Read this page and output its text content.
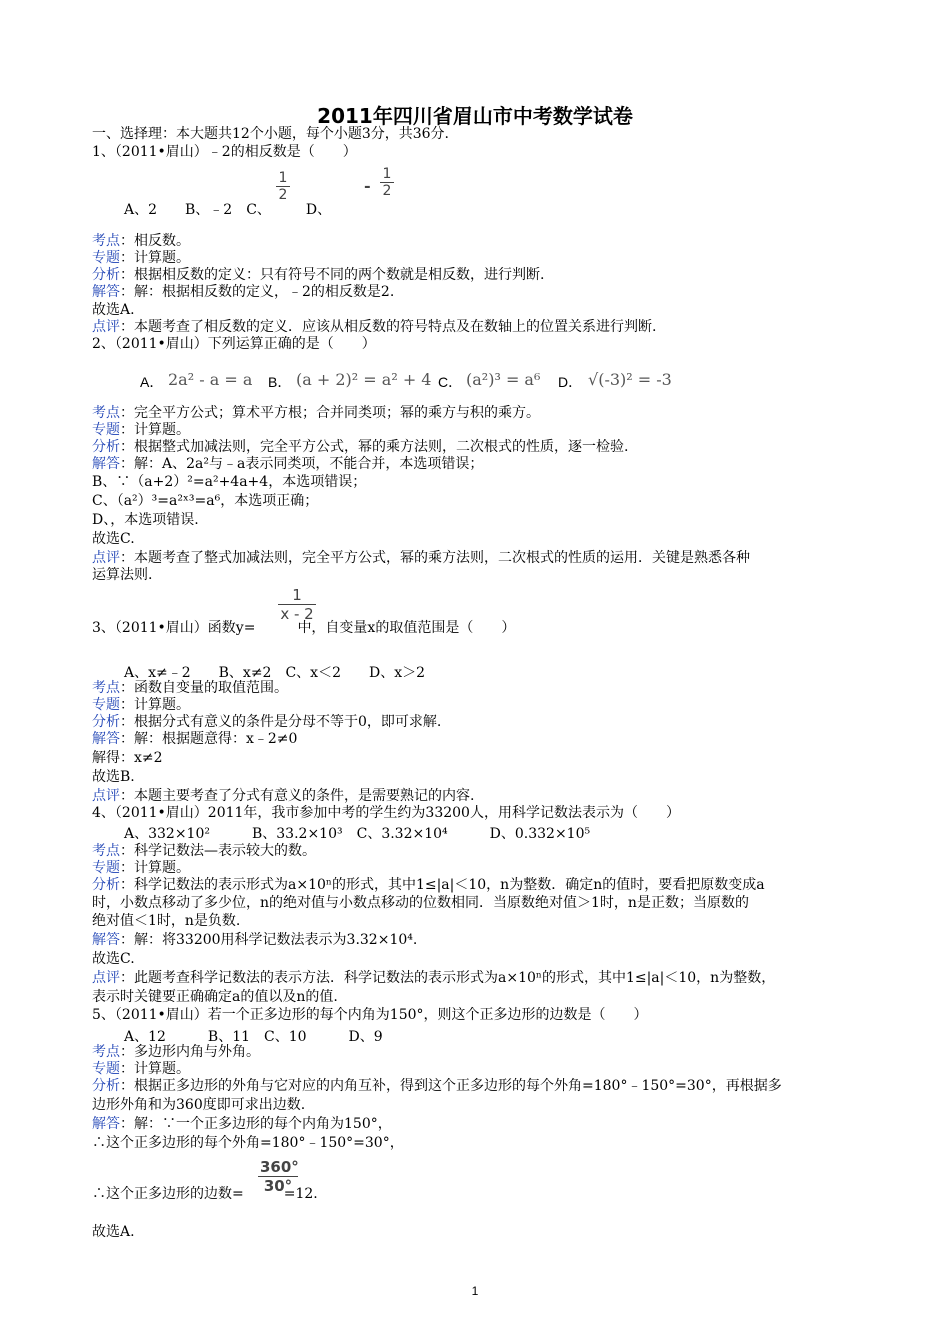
2011年四川省眉山市中考数学试卷
一、选择理：本大题共12个小题，每个小题3分，共36分.
1、（2011•眉山）﹣2的相反数是（　　）
A、2　　B、﹣2　C、　　　D、
$\frac{1}{2}$	- $\frac{1}{2}$
考点：相反数。
专题：计算题。
分析：根据相反数的定义：只有符号不同的两个数就是相反数，进行判断.
解答：解：根据相反数的定义，﹣2的相反数是2.
故选A.
点评：本题考查了相反数的定义．应该从相反数的符号特点及在数轴上的位置关系进行判断.
2、（2011•眉山）下列运算正确的是（　　）
A． 2a² - a = a B． (a + 2)² = a² + 4 C． (a²)³ = a⁶ D． √(-3)² = -3
考点：完全平方公式；算术平方根；合并同类项；幂的乘方与积的乘方。
专题：计算题。
分析：根据整式加减法则，完全平方公式，幂的乘方法则，二次根式的性质，逐一检验.
解答：解：A、2a²与﹣a表示同类项，不能合并，本选项错误；
B、∵（a+2）²=a²+4a+4，本选项错误；
C、（a²）³=a²ˣ³=a⁶，本选项正确；
D、，本选项错误.
故选C.
点评：本题考查了整式加减法则，完全平方公式，幂的乘方法则，二次根式的性质的运用．关键是熟悉各种
运算法则.
$\frac{1}{x - 2}$
3、（2011•眉山）函数y=	中，自变量x的取值范围是（　　）
A、x≠﹣2　　B、x≠2　C、x＜2　　D、x＞2
考点：函数自变量的取值范围。
专题：计算题。
分析：根据分式有意义的条件是分母不等于0，即可求解.
解答：解：根据题意得：x﹣2≠0
解得：x≠2
故选B.
点评：本题主要考查了分式有意义的条件，是需要熟记的内容.
4、（2011•眉山）2011年，我市参加中考的学生约为33200人，用科学记数法表示为（　　）
A、332×10²　　　B、33.2×10³　C、3.32×10⁴　　　D、0.332×10⁵
考点：科学记数法—表示较大的数。
专题：计算题。
分析：科学记数法的表示形式为a×10ⁿ的形式，其中1≤|a|＜10，n为整数．确定n的值时，要看把原数变成a
时，小数点移动了多少位，n的绝对值与小数点移动的位数相同．当原数绝对值＞1时，n是正数；当原数的
绝对值＜1时，n是负数.
解答：解：将33200用科学记数法表示为3.32×10⁴.
故选C.
点评：此题考查科学记数法的表示方法．科学记数法的表示形式为a×10ⁿ的形式，其中1≤|a|＜10，n为整数，
表示时关键要正确确定a的值以及n的值.
5、（2011•眉山）若一个正多边形的每个内角为150°，则这个正多边形的边数是（　　）
A、12　　　B、11　C、10　　　D、9
考点：多边形内角与外角。
专题：计算题。
分析：根据正多边形的外角与它对应的内角互补，得到这个正多边形的每个外角=180°﹣150°=30°，再根据多
边形外角和为360度即可求出边数.
解答：解：∵一个正多边形的每个内角为150°，
∴这个正多边形的每个外角=180°﹣150°=30°，
$\frac{360^\circ}{30^\circ}$
∴这个正多边形的边数=	=12.
故选A.
1
